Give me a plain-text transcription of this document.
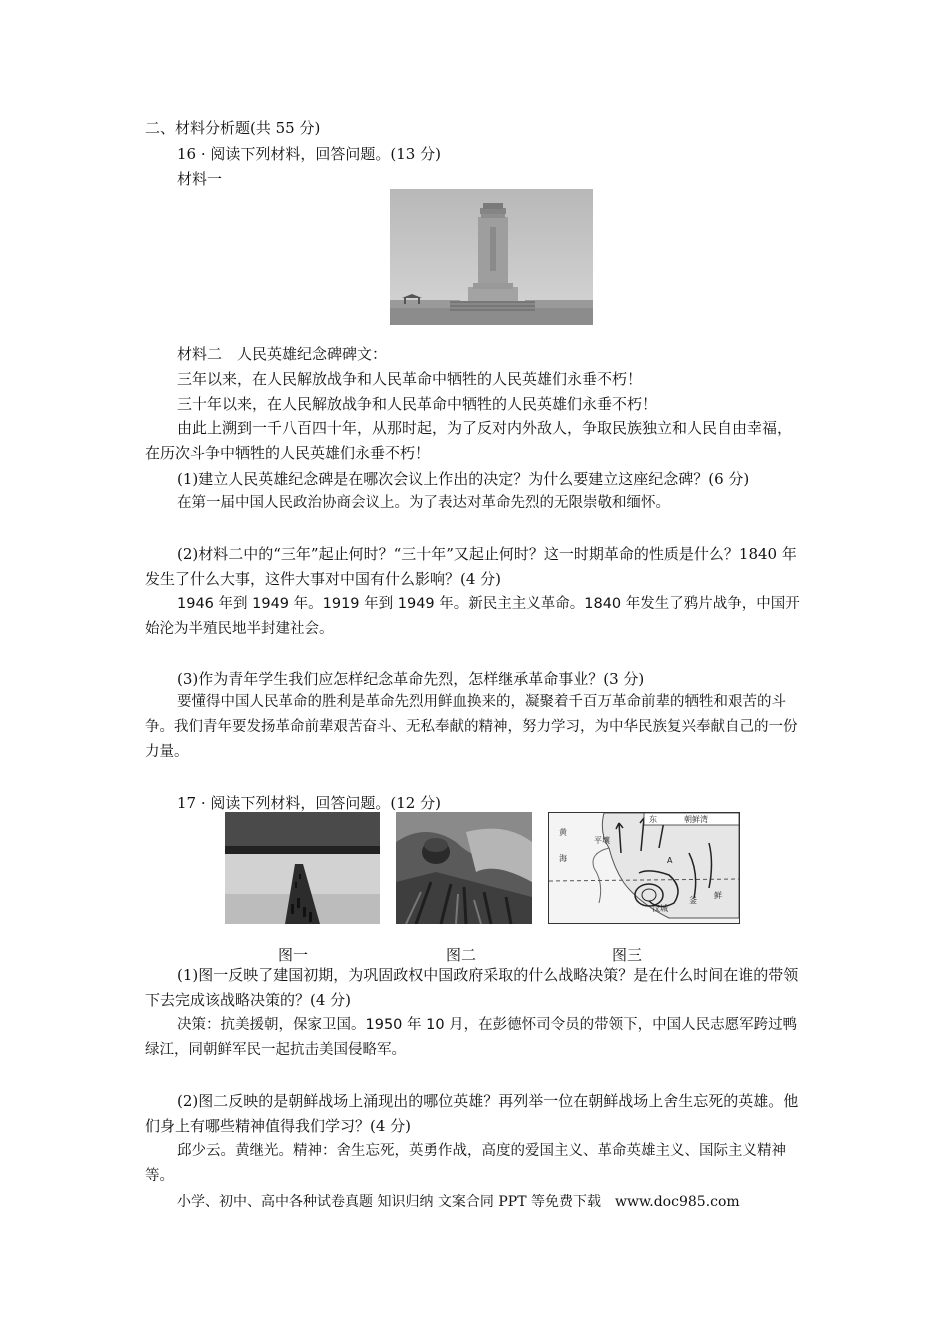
二、材料分析题(共 55 分)
16 · 阅读下列材料，回答问题。(13 分)
材料一
材料二　人民英雄纪念碑碑文：
三年以来，在人民解放战争和人民革命中牺牲的人民英雄们永垂不朽！
三十年以来，在人民解放战争和人民革命中牺牲的人民英雄们永垂不朽！
由此上溯到一千八百四十年，从那时起，为了反对内外敌人，争取民族独立和人民自由幸福，在历次斗争中牺牲的人民英雄们永垂不朽！
(1)建立人民英雄纪念碑是在哪次会议上作出的决定？为什么要建立这座纪念碑？(6 分)
在第一届中国人民政治协商会议上。为了表达对革命先烈的无限崇敬和缅怀。
(2)材料二中的“三年”起止何时？“三十年”又起止何时？这一时期革命的性质是什么？1840 年发生了什么大事，这件大事对中国有什么影响？(4 分)
1946 年到 1949 年。1919 年到 1949 年。新民主主义革命。1840 年发生了鸦片战争，中国开始沦为半殖民地半封建社会。
(3)作为青年学生我们应怎样纪念革命先烈，怎样继承革命事业？(3 分)
要懂得中国人民革命的胜利是革命先烈用鲜血换来的，凝聚着千百万革命前辈的牺牲和艰苦的斗争。我们青年要发扬革命前辈艰苦奋斗、无私奉献的精神，努力学习，为中华民族复兴奉献自己的一份力量。
17 · 阅读下列材料，回答问题。(12 分)
黄
海
东	朝鲜湾
平壤
A
汉城
釜
鲜
图一	图二	图三
(1)图一反映了建国初期，为巩固政权中国政府采取的什么战略决策？是在什么时间在谁的带领下去完成该战略决策的？(4 分)
决策：抗美援朝，保家卫国。1950 年 10 月，在彭德怀司令员的带领下，中国人民志愿军跨过鸭绿江，同朝鲜军民一起抗击美国侵略军。
(2)图二反映的是朝鲜战场上涌现出的哪位英雄？再列举一位在朝鲜战场上舍生忘死的英雄。他们身上有哪些精神值得我们学习？(4 分)
邱少云。黄继光。精神：舍生忘死，英勇作战，高度的爱国主义、革命英雄主义、国际主义精神等。
小学、初中、高中各种试卷真题 知识归纳 文案合同 PPT 等免费下载　www.doc985.com
